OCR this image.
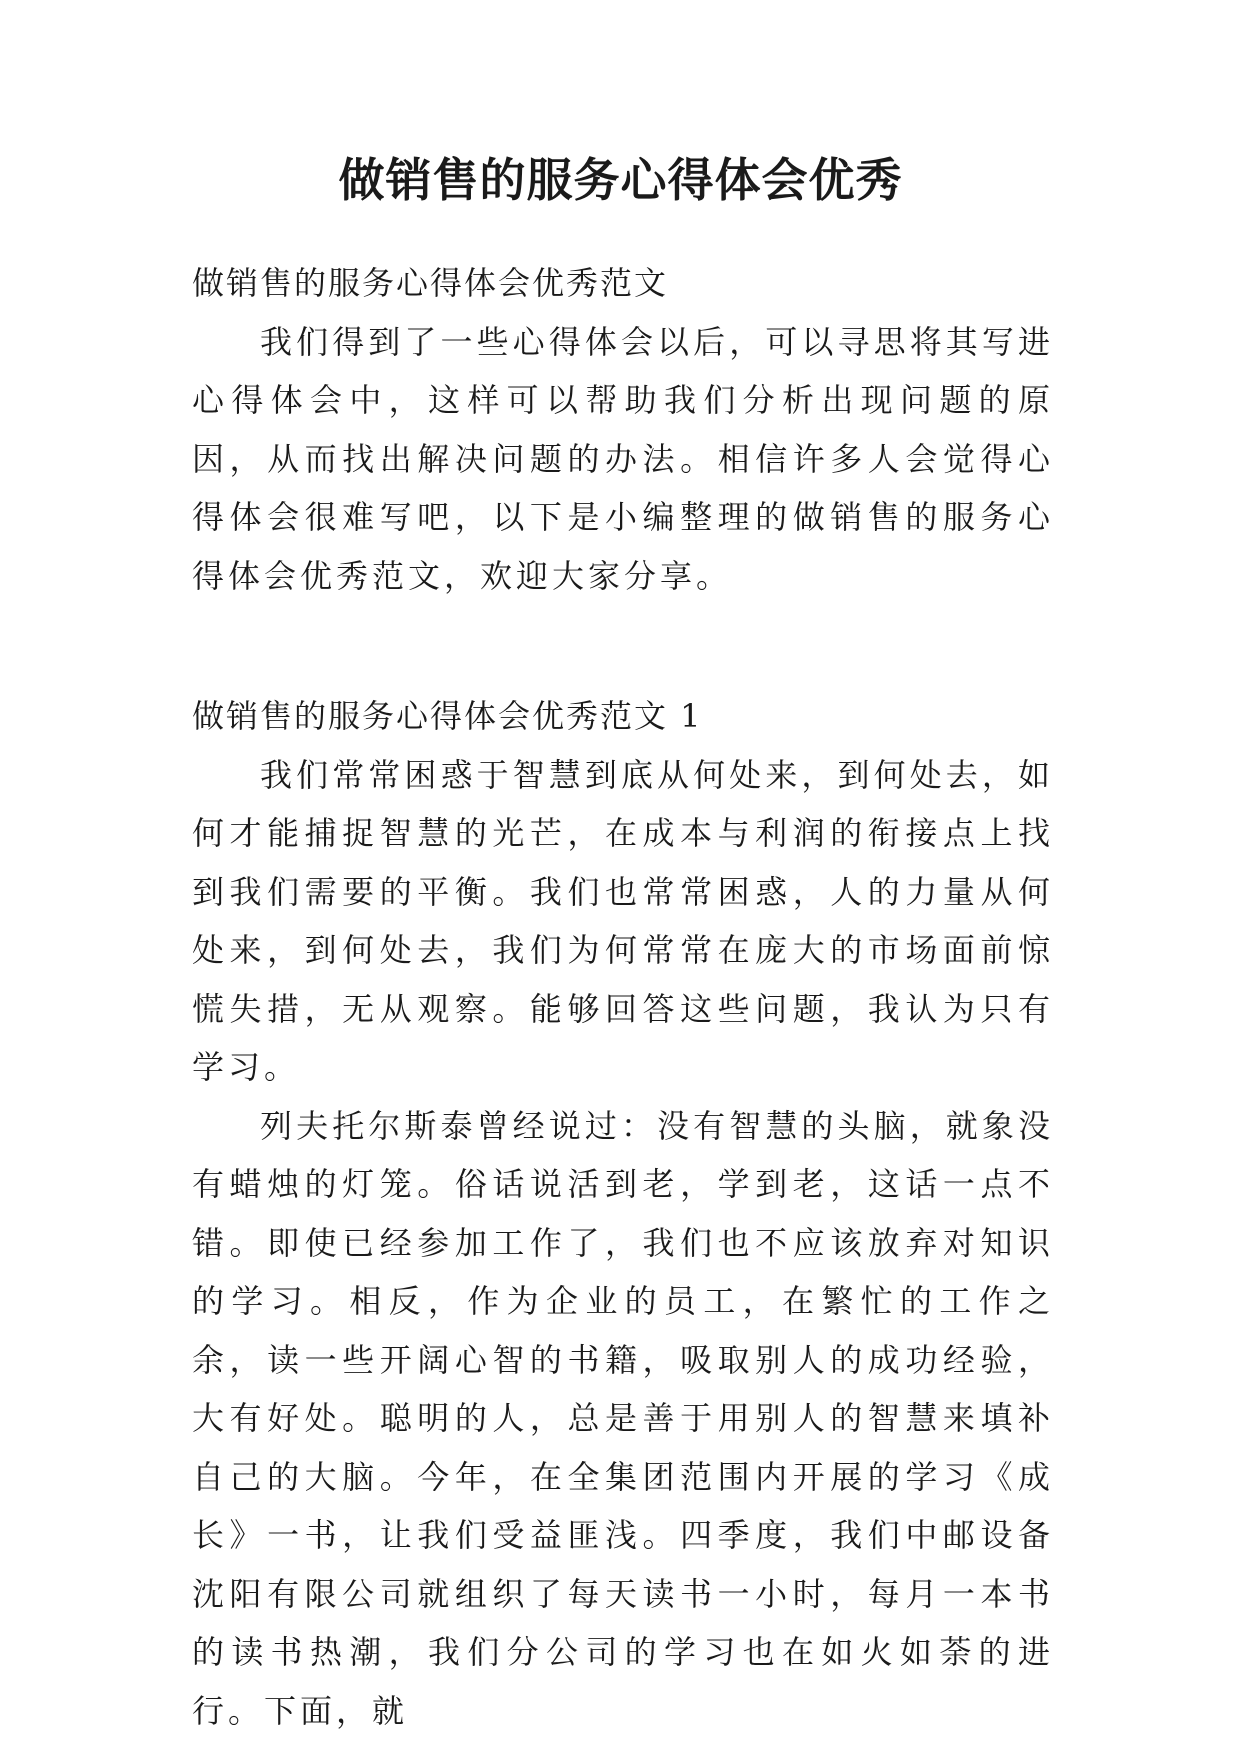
做销售的服务心得体会优秀

做销售的服务心得体会优秀范文

我们得到了一些心得体会以后，可以寻思将其写进心得体会中，这样可以帮助我们分析出现问题的原因，从而找出解决问题的办法。相信许多人会觉得心得体会很难写吧，以下是小编整理的做销售的服务心得体会优秀范文，欢迎大家分享。

做销售的服务心得体会优秀范文 1

我们常常困惑于智慧到底从何处来，到何处去，如何才能捕捉智慧的光芒，在成本与利润的衔接点上找到我们需要的平衡。我们也常常困惑，人的力量从何处来，到何处去，我们为何常常在庞大的市场面前惊慌失措，无从观察。能够回答这些问题，我认为只有学习。

列夫托尔斯泰曾经说过：没有智慧的头脑，就象没有蜡烛的灯笼。俗话说活到老，学到老，这话一点不错。即使已经参加工作了，我们也不应该放弃对知识的学习。相反，作为企业的员工，在繁忙的工作之余，读一些开阔心智的书籍，吸取别人的成功经验，大有好处。聪明的人，总是善于用别人的智慧来填补自己的大脑。今年，在全集团范围内开展的学习《成长》一书，让我们受益匪浅。四季度，我们中邮设备沈阳有限公司就组织了每天读书一小时，每月一本书的读书热潮，我们分公司的学习也在如火如荼的进行。下面，就
